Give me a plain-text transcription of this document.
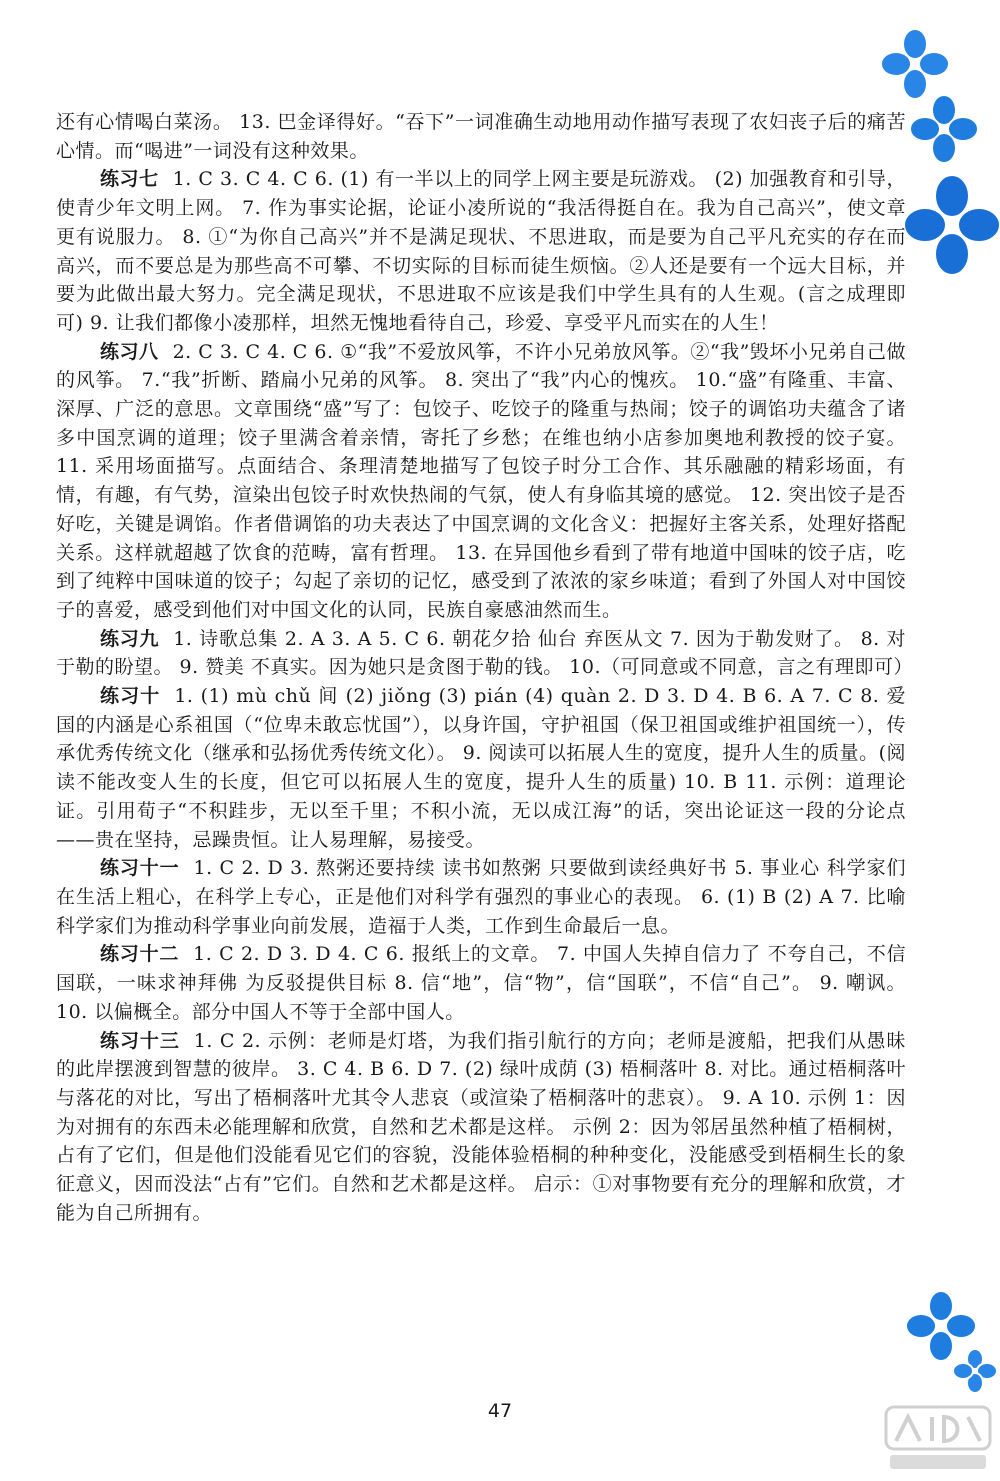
还有心情喝白菜汤。 13. 巴金译得好。“吞下”一词准确生动地用动作描写表现了农妇丧子后的痛苦心情。而“喝进”一词没有这种效果。

练习七 1. C 3. C 4. C 6. (1) 有一半以上的同学上网主要是玩游戏。 (2) 加强教育和引导，使青少年文明上网。 7. 作为事实论据，论证小凌所说的“我活得挺自在。我为自己高兴”，使文章更有说服力。 8. ①“为你自己高兴”并不是满足现状、不思进取，而是要为自己平凡充实的存在而高兴，而不要总是为那些高不可攀、不切实际的目标而徒生烦恼。②人还是要有一个远大目标，并要为此做出最大努力。完全满足现状，不思进取不应该是我们中学生具有的人生观。(言之成理即可) 9. 让我们都像小凌那样，坦然无愧地看待自己，珍爱、享受平凡而实在的人生！

练习八 2. C 3. C 4. C 6. ①“我”不爱放风筝，不许小兄弟放风筝。②“我”毁坏小兄弟自己做的风筝。 7.“我”折断、踏扁小兄弟的风筝。 8. 突出了“我”内心的愧疚。 10.“盛”有隆重、丰富、深厚、广泛的意思。文章围绕“盛”写了：包饺子、吃饺子的隆重与热闹；饺子的调馅功夫蕴含了诸多中国烹调的道理；饺子里满含着亲情，寄托了乡愁；在维也纳小店参加奥地利教授的饺子宴。 11. 采用场面描写。点面结合、条理清楚地描写了包饺子时分工合作、其乐融融的精彩场面，有情，有趣，有气势，渲染出包饺子时欢快热闹的气氛，使人有身临其境的感觉。 12. 突出饺子是否好吃，关键是调馅。作者借调馅的功夫表达了中国烹调的文化含义：把握好主客关系，处理好搭配关系。这样就超越了饮食的范畴，富有哲理。 13. 在异国他乡看到了带有地道中国味的饺子店，吃到了纯粹中国味道的饺子；勾起了亲切的记忆，感受到了浓浓的家乡味道；看到了外国人对中国饺子的喜爱，感受到他们对中国文化的认同，民族自豪感油然而生。

练习九 1. 诗歌总集 2. A 3. A 5. C 6. 朝花夕拾 仙台 弃医从文 7. 因为于勒发财了。 8. 对于勒的盼望。 9. 赞美 不真实。因为她只是贪图于勒的钱。 10.（可同意或不同意，言之有理即可）

练习十 1. (1) mù chǔ 间 (2) jiǒng (3) pián (4) quàn 2. D 3. D 4. B 6. A 7. C 8. 爱国的内涵是心系祖国（“位卑未敢忘忧国”），以身许国，守护祖国（保卫祖国或维护祖国统一），传承优秀传统文化（继承和弘扬优秀传统文化）。 9. 阅读可以拓展人生的宽度，提升人生的质量。(阅读不能改变人生的长度，但它可以拓展人生的宽度，提升人生的质量) 10. B 11. 示例：道理论证。引用荀子“不积跬步，无以至千里；不积小流，无以成江海”的话，突出论证这一段的分论点——贵在坚持，忌躁贵恒。让人易理解，易接受。

练习十一 1. C 2. D 3. 熬粥还要持续 读书如熬粥 只要做到读经典好书 5. 事业心 科学家们在生活上粗心，在科学上专心，正是他们对科学有强烈的事业心的表现。 6. (1) B (2) A 7. 比喻科学家们为推动科学事业向前发展，造福于人类，工作到生命最后一息。

练习十二 1. C 2. D 3. D 4. C 6. 报纸上的文章。 7. 中国人失掉自信力了 不夸自己，不信国联，一味求神拜佛 为反驳提供目标 8. 信“地”，信“物”，信“国联”，不信“自己”。 9. 嘲讽。 10. 以偏概全。部分中国人不等于全部中国人。

练习十三 1. C 2. 示例：老师是灯塔，为我们指引航行的方向；老师是渡船，把我们从愚昧的此岸摆渡到智慧的彼岸。 3. C 4. B 6. D 7. (2) 绿叶成荫 (3) 梧桐落叶 8. 对比。通过梧桐落叶与落花的对比，写出了梧桐落叶尤其令人悲哀（或渲染了梧桐落叶的悲哀）。 9. A 10. 示例 1：因为对拥有的东西未必能理解和欣赏，自然和艺术都是这样。 示例 2：因为邻居虽然种植了梧桐树，占有了它们，但是他们没能看见它们的容貌，没能体验梧桐的种种变化，没能感受到梧桐生长的象征意义，因而没法“占有”它们。自然和艺术都是这样。 启示：①对事物要有充分的理解和欣赏，才能为自己所拥有。

47
